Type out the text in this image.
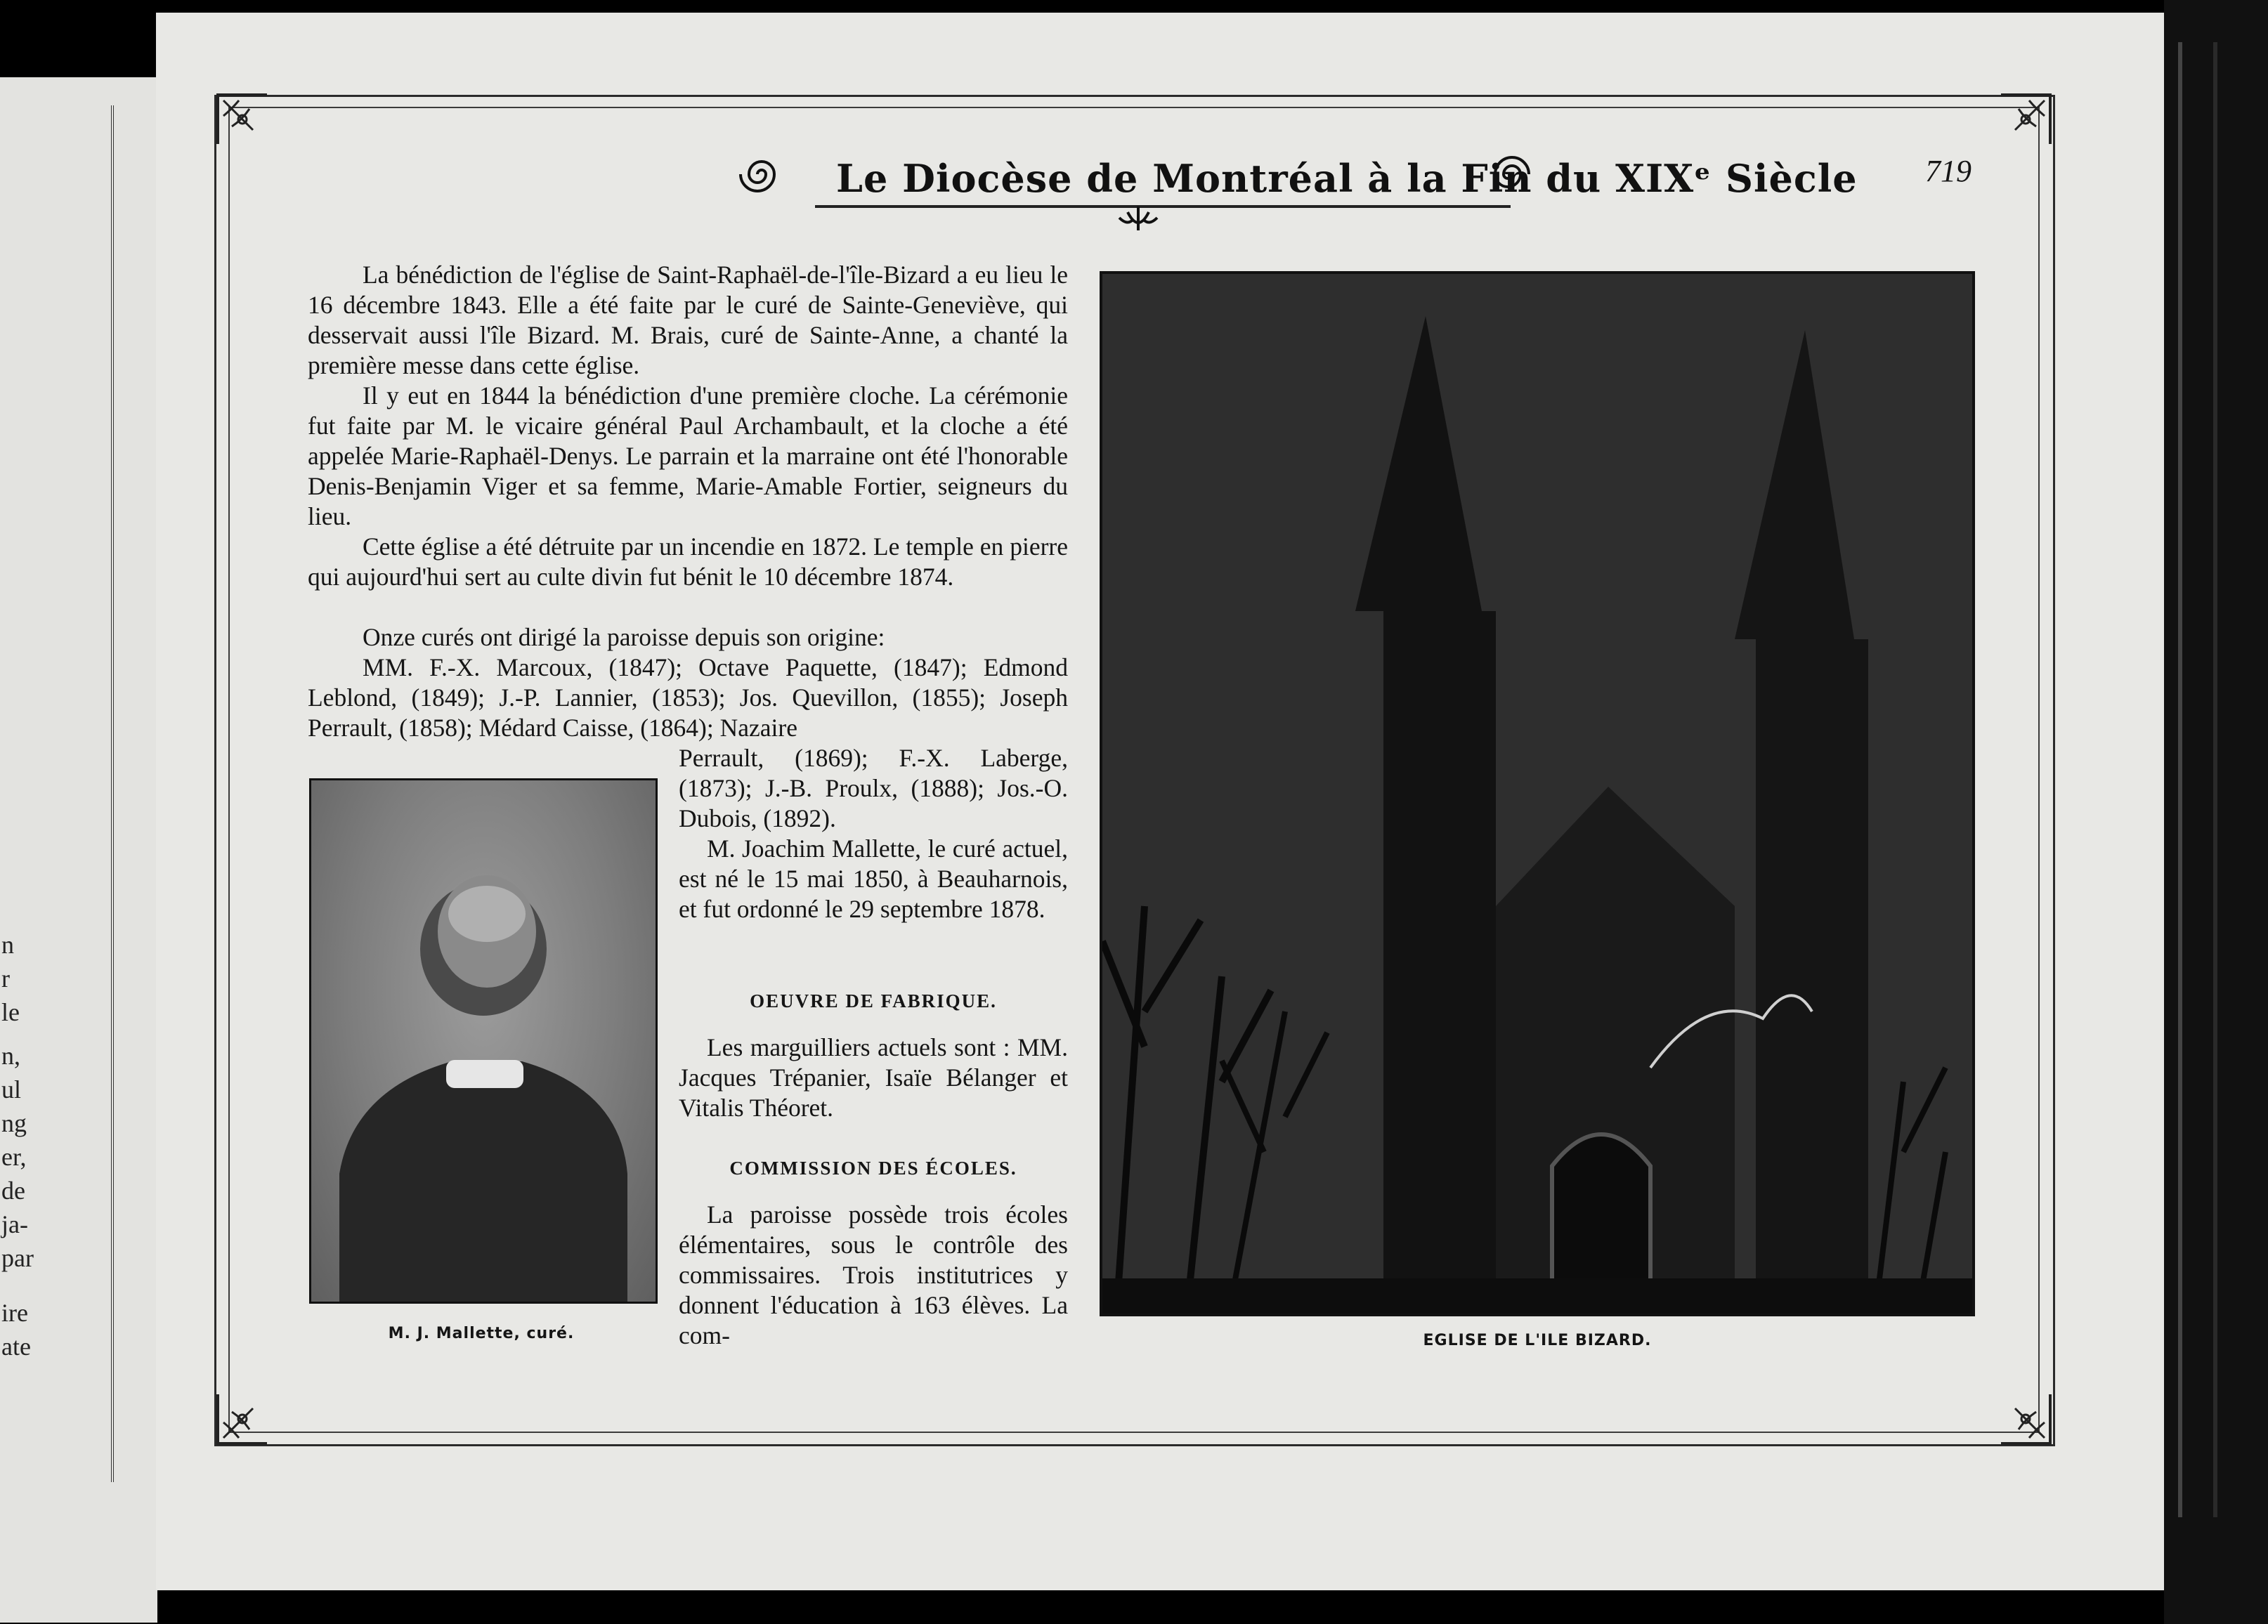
n
r
le
n,
ul
ng
er,
de
ja-
par
ire
ate
Le Diocèse de Montréal à la Fin du XIXᵉ Siècle 719

La bénédiction de l'église de Saint-Raphaël-de-l'île-Bizard a eu lieu le 16 décembre 1843. Elle a été faite par le curé de Sainte-Geneviève, qui desservait aussi l'île Bizard. M. Brais, curé de Sainte-Anne, a chanté la première messe dans cette église.

Il y eut en 1844 la bénédiction d'une première cloche. La cérémonie fut faite par M. le vicaire général Paul Archambault, et la cloche a été appelée Marie-Raphaël-Denys. Le parrain et la marraine ont été l'honorable Denis-Benjamin Viger et sa femme, Marie-Amable Fortier, seigneurs du lieu.

Cette église a été détruite par un incendie en 1872. Le temple en pierre qui aujourd'hui sert au culte divin fut bénit le 10 décembre 1874.

Onze curés ont dirigé la paroisse depuis son origine:

MM. F.-X. Marcoux, (1847); Octave Paquette, (1847); Edmond Leblond, (1849); J.-P. Lannier, (1853); Jos. Quevillon, (1855); Joseph Perrault, (1858); Médard Caisse, (1864); Nazaire

Perrault, (1869); F.-X. Laberge, (1873); J.-B. Proulx, (1888); Jos.-O. Dubois, (1892).

M. Joachim Mallette, le curé actuel, est né le 15 mai 1850, à Beauharnois, et fut ordonné le 29 septembre 1878.

OEUVRE DE FABRIQUE.

Les marguilliers actuels sont : MM. Jacques Trépanier, Isaïe Bélanger et Vitalis Théoret.

COMMISSION DES ÉCOLES.

La paroisse possède trois écoles élémentaires, sous le contrôle des commissaires. Trois institutrices y donnent l'éducation à 163 élèves. La com-

M. J. Mallette, curé.	EGLISE DE L'ILE BIZARD.
